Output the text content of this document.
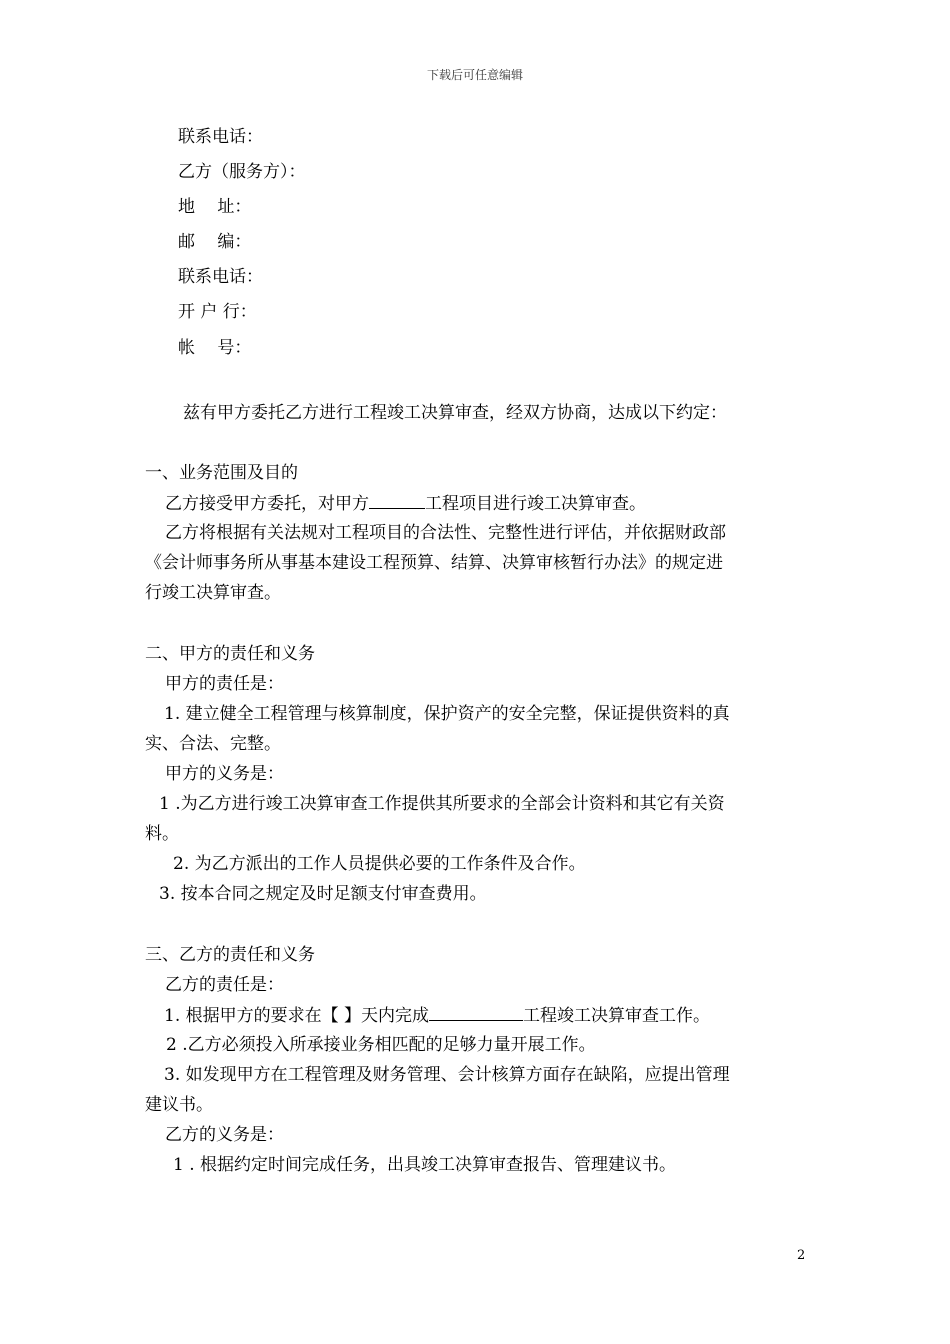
下载后可任意编辑
联系电话：
乙方（服务方）：
地　 址：
邮　 编：
联系电话：
开 户 行：
帐　 号：
兹有甲方委托乙方进行工程竣工决算审查，经双方协商，达成以下约定：
一、业务范围及目的
乙方接受甲方委托，对甲方	工程项目进行竣工决算审查。
乙方将根据有关法规对工程项目的合法性、完整性进行评估，并依据财政部
《会计师事务所从事基本建设工程预算、结算、决算审核暂行办法》的规定进
行竣工决算审查。
二、甲方的责任和义务
甲方的责任是：
1. 建立健全工程管理与核算制度，保护资产的安全完整，保证提供资料的真
实、合法、完整。
甲方的义务是：
1 .为乙方进行竣工决算审查工作提供其所要求的全部会计资料和其它有关资
料。
2. 为乙方派出的工作人员提供必要的工作条件及合作。
3. 按本合同之规定及时足额支付审查费用。
三、乙方的责任和义务
乙方的责任是：
1. 根据甲方的要求在【 】天内完成	工程竣工决算审查工作。
2 .乙方必须投入所承接业务相匹配的足够力量开展工作。
3. 如发现甲方在工程管理及财务管理、会计核算方面存在缺陷，应提出管理
建议书。
乙方的义务是：
1 . 根据约定时间完成任务，出具竣工决算审查报告、管理建议书。
2
